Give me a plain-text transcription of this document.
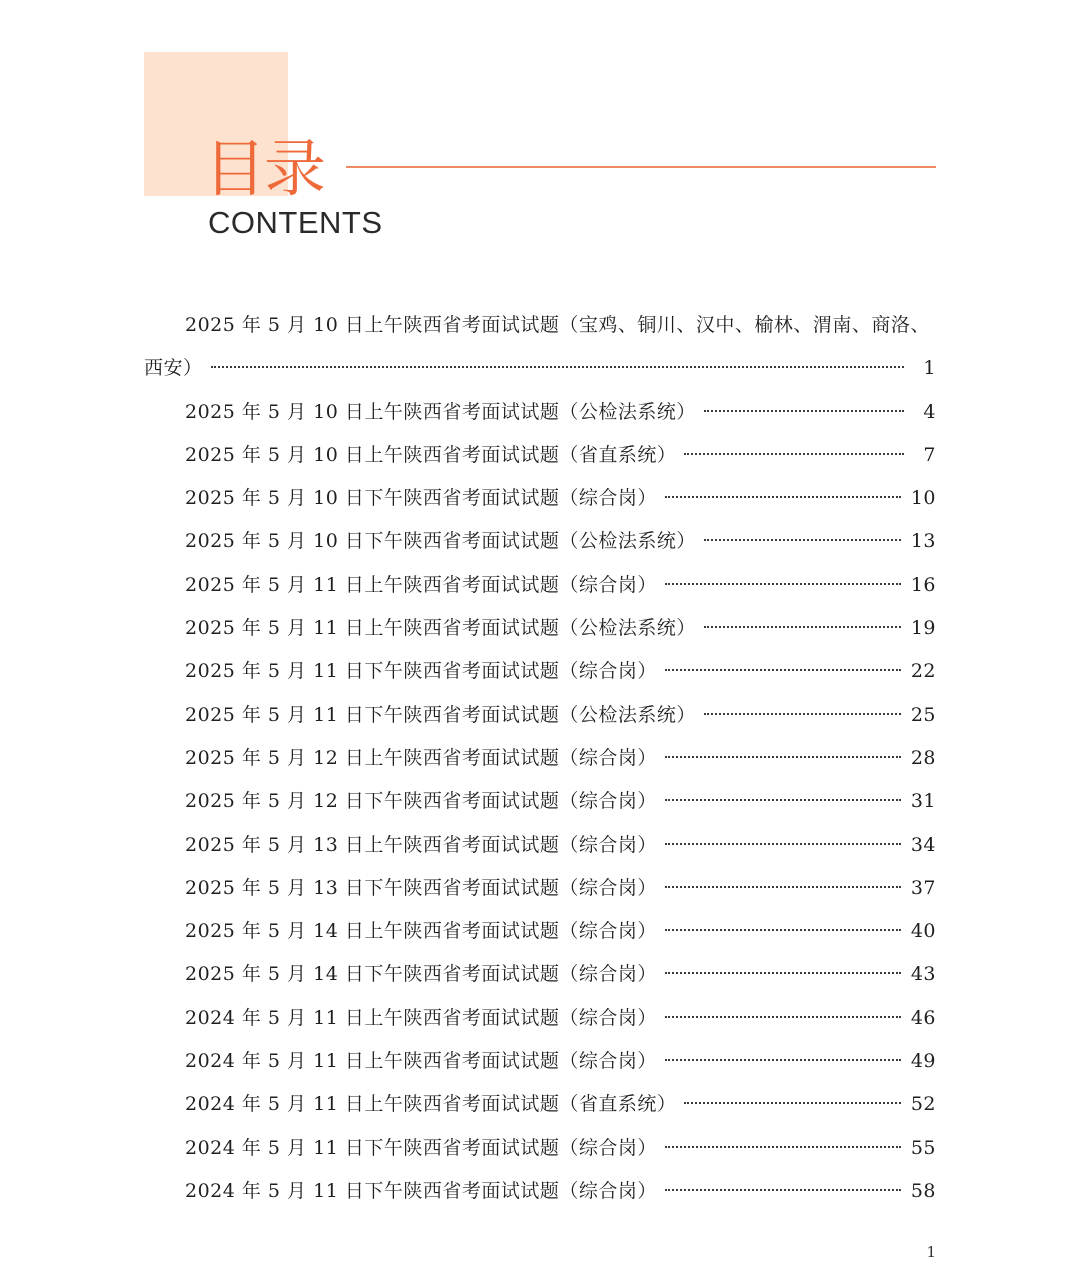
目录
CONTENTS
2025 年 5 月 10 日上午陕西省考面试试题（宝鸡、铜川、汉中、榆林、渭南、商洛、
西安）	1
2025 年 5 月 10 日上午陕西省考面试试题（公检法系统）	4
2025 年 5 月 10 日上午陕西省考面试试题（省直系统）	7
2025 年 5 月 10 日下午陕西省考面试试题（综合岗）	10
2025 年 5 月 10 日下午陕西省考面试试题（公检法系统）	13
2025 年 5 月 11 日上午陕西省考面试试题（综合岗）	16
2025 年 5 月 11 日上午陕西省考面试试题（公检法系统）	19
2025 年 5 月 11 日下午陕西省考面试试题（综合岗）	22
2025 年 5 月 11 日下午陕西省考面试试题（公检法系统）	25
2025 年 5 月 12 日上午陕西省考面试试题（综合岗）	28
2025 年 5 月 12 日下午陕西省考面试试题（综合岗）	31
2025 年 5 月 13 日上午陕西省考面试试题（综合岗）	34
2025 年 5 月 13 日下午陕西省考面试试题（综合岗）	37
2025 年 5 月 14 日上午陕西省考面试试题（综合岗）	40
2025 年 5 月 14 日下午陕西省考面试试题（综合岗）	43
2024 年 5 月 11 日上午陕西省考面试试题（综合岗）	46
2024 年 5 月 11 日上午陕西省考面试试题（综合岗）	49
2024 年 5 月 11 日上午陕西省考面试试题（省直系统）	52
2024 年 5 月 11 日下午陕西省考面试试题（综合岗）	55
2024 年 5 月 11 日下午陕西省考面试试题（综合岗）	58
1
